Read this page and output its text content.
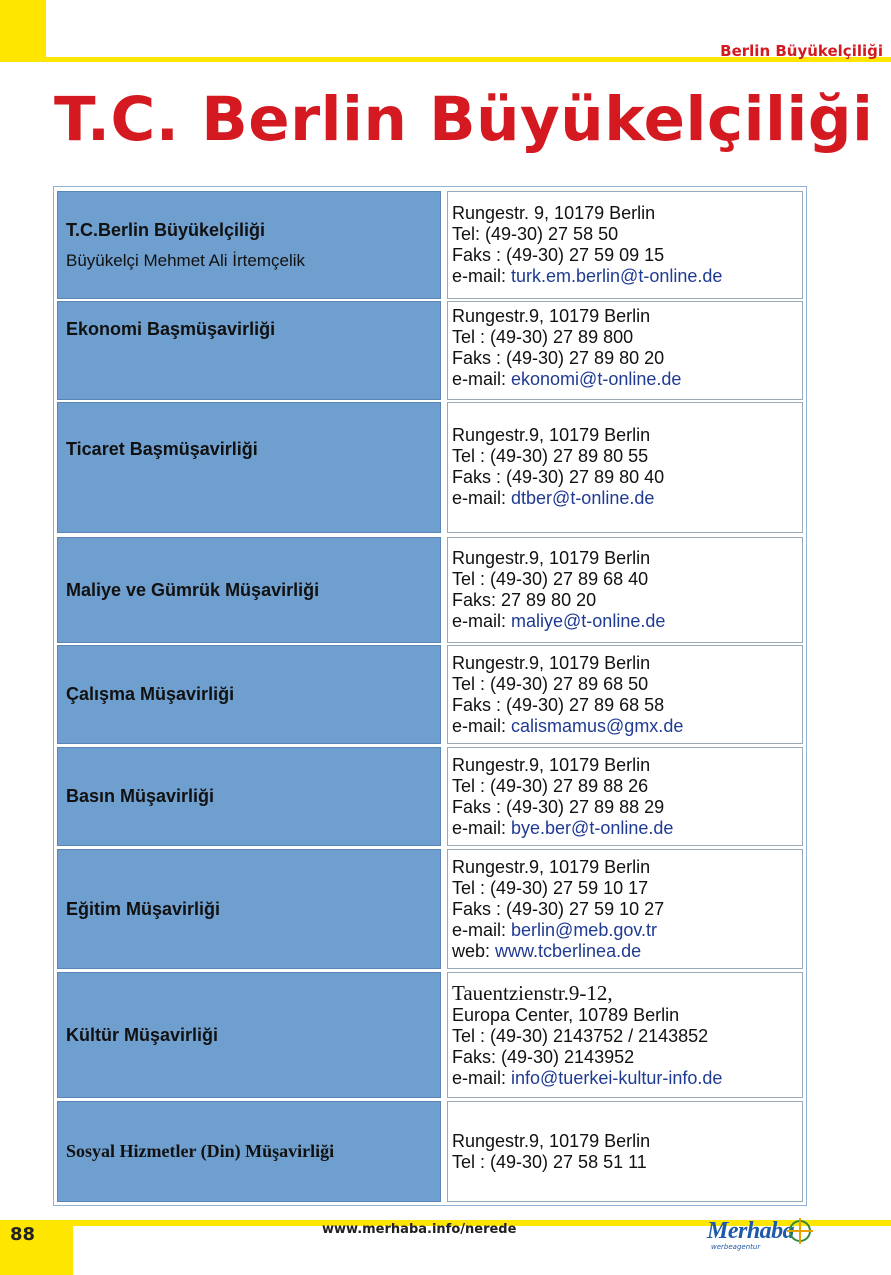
Berlin Büyükelçiliği
T.C. Berlin Büyükelçiliği
T.C.Berlin Büyükelçiliği
Büyükelçi Mehmet Ali İrtemçelik
Rungestr. 9, 10179 Berlin
Tel: (49-30) 27 58 50
Faks : (49-30) 27 59 09 15
e-mail: turk.em.berlin@t-online.de
Ekonomi Başmüşavirliği
Rungestr.9, 10179 Berlin
Tel : (49-30) 27 89 800
Faks : (49-30) 27 89 80 20
e-mail: ekonomi@t-online.de
Ticaret Başmüşavirliği
Rungestr.9, 10179 Berlin
Tel : (49-30) 27 89 80 55
Faks : (49-30) 27 89 80 40
e-mail: dtber@t-online.de
Maliye ve Gümrük Müşavirliği
Rungestr.9, 10179 Berlin
Tel : (49-30) 27 89 68 40
Faks: 27 89 80 20
e-mail: maliye@t-online.de
Çalışma Müşavirliği
Rungestr.9, 10179 Berlin
Tel : (49-30) 27 89 68 50
Faks : (49-30) 27 89 68 58
e-mail: calismamus@gmx.de
Basın Müşavirliği
Rungestr.9, 10179 Berlin
Tel : (49-30) 27 89 88 26
Faks : (49-30) 27 89 88 29
e-mail: bye.ber@t-online.de
Eğitim Müşavirliği
Rungestr.9, 10179 Berlin
Tel : (49-30) 27 59 10 17
Faks : (49-30) 27 59 10 27
e-mail: berlin@meb.gov.tr
web: www.tcberlinea.de
Kültür Müşavirliği
Tauentzienstr.9-12,
Europa Center, 10789 Berlin
Tel : (49-30) 2143752 / 2143852
Faks: (49-30) 2143952
e-mail: info@tuerkei-kultur-info.de
Sosyal Hizmetler (Din) Müşavirliği
Rungestr.9, 10179 Berlin
Tel : (49-30) 27 58 51 11
88	www.merhaba.info/nerede	Merhaba
werbeagentur
